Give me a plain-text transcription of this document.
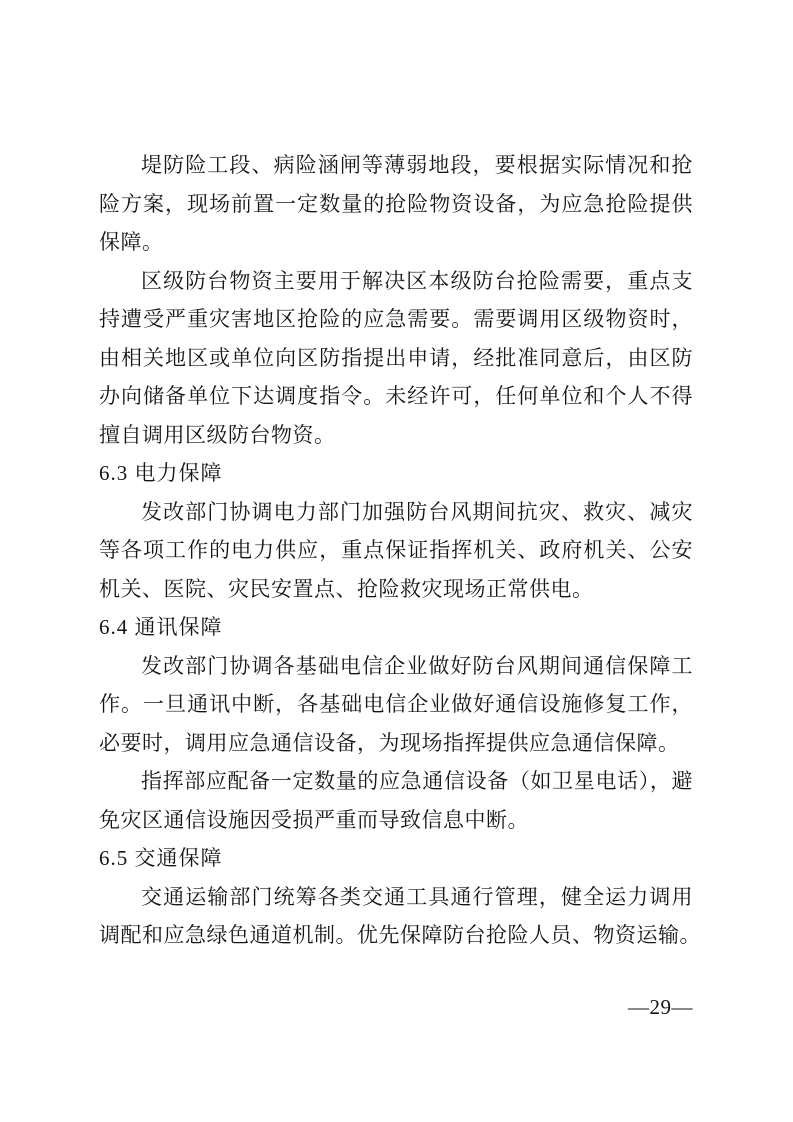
堤防险工段、病险涵闸等薄弱地段，要根据实际情况和抢
险方案，现场前置一定数量的抢险物资设备，为应急抢险提供
保障。
区级防台物资主要用于解决区本级防台抢险需要，重点支
持遭受严重灾害地区抢险的应急需要。需要调用区级物资时，
由相关地区或单位向区防指提出申请，经批准同意后，由区防
办向储备单位下达调度指令。未经许可，任何单位和个人不得
擅自调用区级防台物资。
6.3 电力保障
发改部门协调电力部门加强防台风期间抗灾、救灾、减灾
等各项工作的电力供应，重点保证指挥机关、政府机关、公安
机关、医院、灾民安置点、抢险救灾现场正常供电。
6.4 通讯保障
发改部门协调各基础电信企业做好防台风期间通信保障工
作。一旦通讯中断，各基础电信企业做好通信设施修复工作，
必要时，调用应急通信设备，为现场指挥提供应急通信保障。
指挥部应配备一定数量的应急通信设备（如卫星电话），避
免灾区通信设施因受损严重而导致信息中断。
6.5 交通保障
交通运输部门统筹各类交通工具通行管理，健全运力调用
调配和应急绿色通道机制。优先保障防台抢险人员、物资运输。
—29—
